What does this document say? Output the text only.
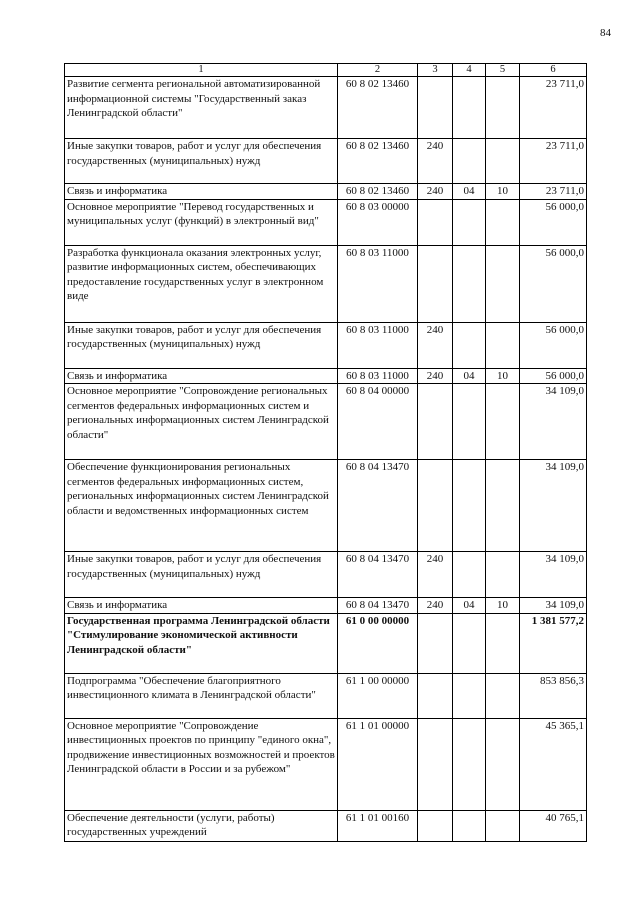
84
1	2	3	4	5	6
Развитие сегмента региональной автоматизированной информационной системы "Государственный заказ Ленинградской области"	60 8 02 13460				23 711,0
Иные закупки товаров, работ и услуг для обеспечения государственных (муниципальных) нужд	60 8 02 13460	240			23 711,0
Связь и информатика	60 8 02 13460	240	04	10	23 711,0
Основное мероприятие "Перевод государственных и муниципальных услуг (функций) в электронный вид"	60 8 03 00000				56 000,0
Разработка функционала оказания электронных услуг, развитие информационных систем, обеспечивающих предоставление государственных услуг в электронном виде	60 8 03 11000				56 000,0
Иные закупки товаров, работ и услуг для обеспечения государственных (муниципальных) нужд	60 8 03 11000	240			56 000,0
Связь и информатика	60 8 03 11000	240	04	10	56 000,0
Основное мероприятие "Сопровождение региональных сегментов федеральных информационных систем и региональных информационных систем Ленинградской области"	60 8 04 00000				34 109,0
Обеспечение функционирования региональных сегментов федеральных информационных систем, региональных информационных систем Ленинградской области и ведомственных информационных систем	60 8 04 13470				34 109,0
Иные закупки товаров, работ и услуг для обеспечения государственных (муниципальных) нужд	60 8 04 13470	240			34 109,0
Связь и информатика	60 8 04 13470	240	04	10	34 109,0
Государственная программа Ленинградской области "Стимулирование экономической активности Ленинградской области"	61 0 00 00000				1 381 577,2
Подпрограмма "Обеспечение благоприятного инвестиционного климата в Ленинградской области"	61 1 00 00000				853 856,3
Основное мероприятие "Сопровождение инвестиционных проектов по принципу "единого окна", продвижение инвестиционных возможностей и проектов Ленинградской области в России и за рубежом"	61 1 01 00000				45 365,1
Обеспечение деятельности (услуги, работы) государственных учреждений	61 1 01 00160				40 765,1
